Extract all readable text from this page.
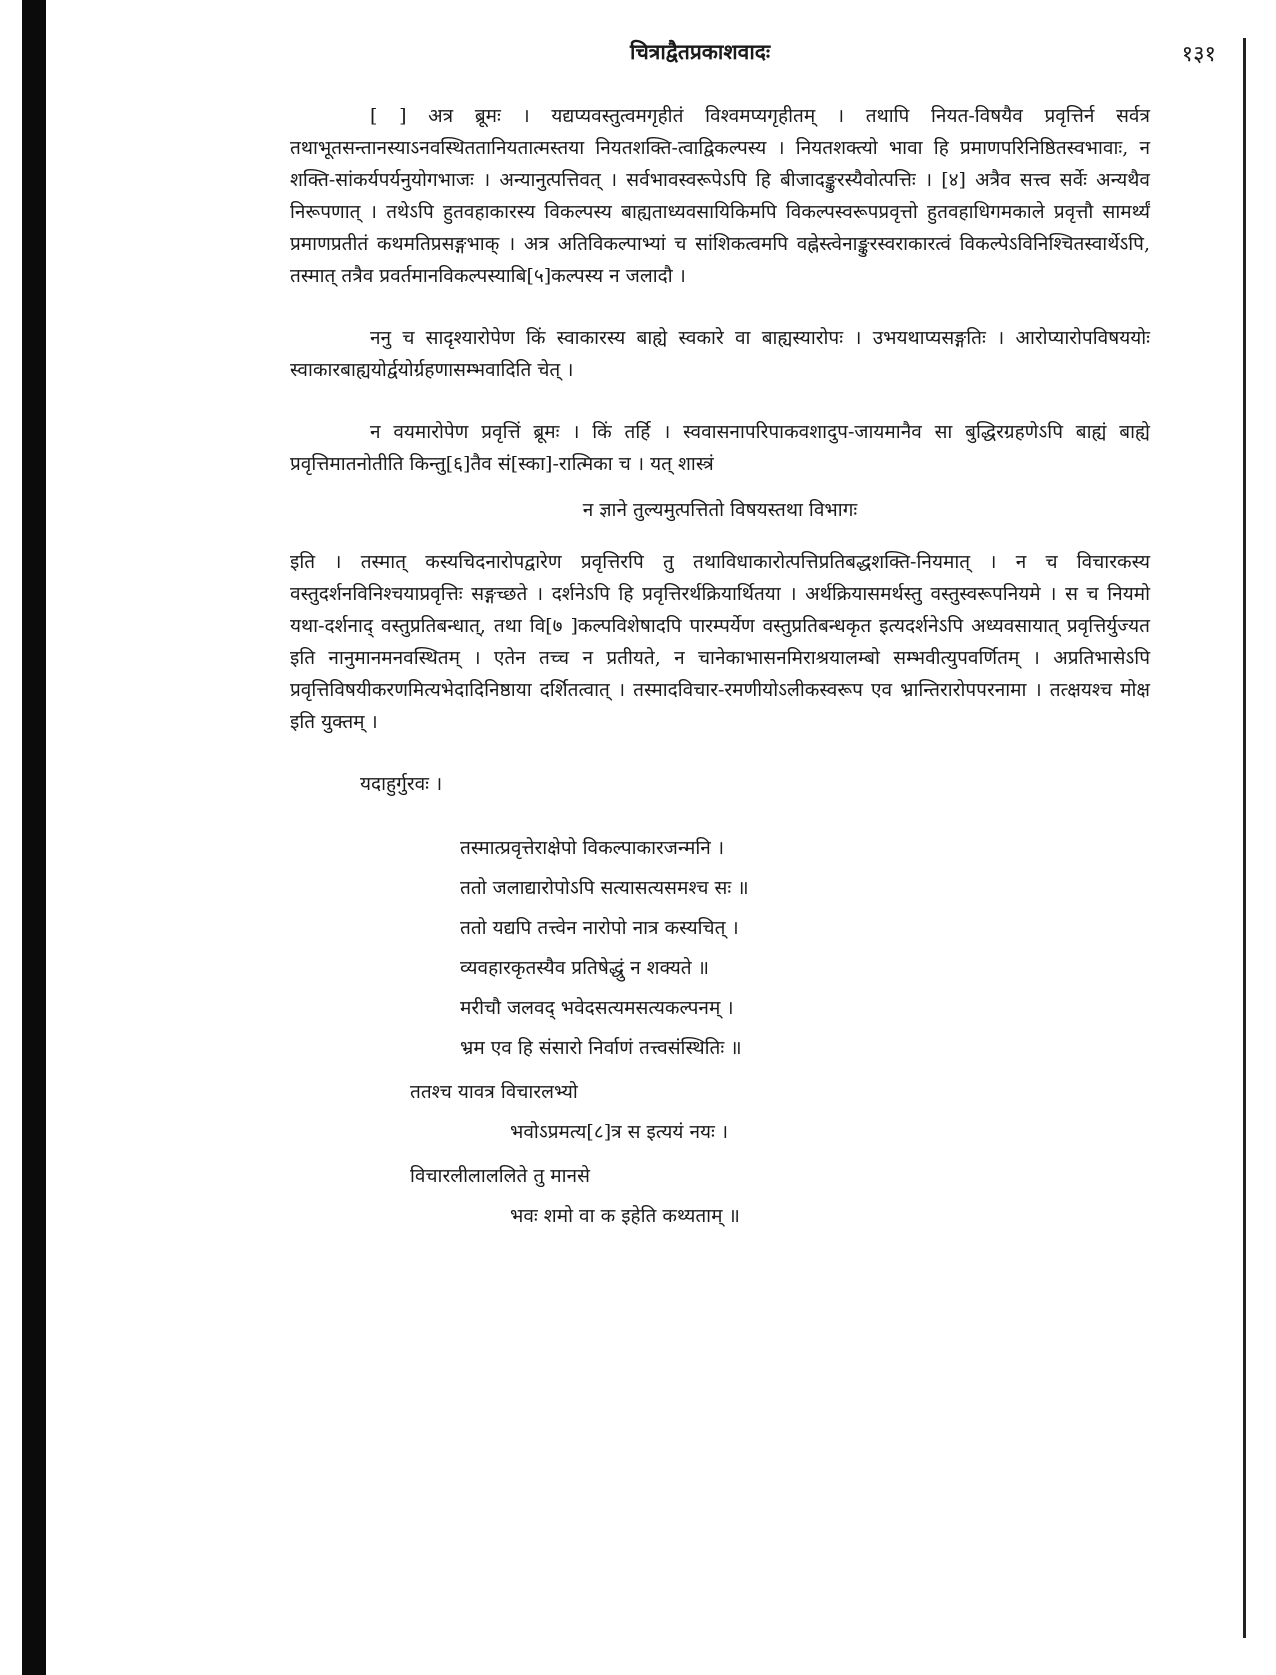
चित्राद्वैतप्रकाशवादः	१३१

[ ] अत्र ब्रूमः । यद्यप्यवस्तुत्वमगृहीतं विश्वमप्यगृहीतम् । तथापि नियत-विषयैव प्रवृत्तिर्न सर्वत्र तथाभूतसन्तानस्याऽनवस्थिततानियतात्मस्तया नियतशक्ति-त्वाद्विकल्पस्य । नियतशक्त्यो भावा हि प्रमाणपरिनिष्ठितस्वभावाः, न शक्ति-सांकर्यपर्यनुयोगभाजः । अन्यानुत्पत्तिवत् । सर्वभावस्वरूपेऽपि हि बीजादङ्कुरस्यैवोत्पत्तिः । [४] अत्रैव सत्त्व सर्वेः अन्यथैव निरूपणात् । तथेऽपि हुतवहाकारस्य विकल्पस्य बाह्यताध्यवसायिकिमपि विकल्पस्वरूपप्रवृत्तो हुतवहाधिगमकाले प्रवृत्तौ सामर्थ्यं प्रमाणप्रतीतं कथमतिप्रसङ्गभाक् । अत्र अतिविकल्पाभ्यां च सांशिकत्वमपि वह्नेस्त्वेनाङ्कुरस्वराकारत्वं विकल्पेऽविनिश्चितस्वार्थेऽपि, तस्मात् तत्रैव प्रवर्तमानविकल्पस्याबि[५]कल्पस्य न जलादौ ।

ननु च सादृश्यारोपेण किं स्वाकारस्य बाह्ये स्वकारे वा बाह्यस्यारोपः । उभयथाप्यसङ्गतिः । आरोप्यारोपविषययोः स्वाकारबाह्ययोर्द्वयोर्ग्रहणासम्भवादिति चेत् ।

न वयमारोपेण प्रवृत्तिं ब्रूमः । किं तर्हि । स्ववासनापरिपाकवशादुप-जायमानैव सा बुद्धिरग्रहणेऽपि बाह्यं बाह्ये प्रवृत्तिमातनोतीति किन्तु[६]तैव सं[स्का]-रात्मिका च । यत् शास्त्रं

न ज्ञाने तुल्यमुत्पत्तितो विषयस्तथा विभागः

इति । तस्मात् कस्यचिदनारोपद्वारेण प्रवृत्तिरपि तु तथाविधाकारोत्पत्तिप्रतिबद्धशक्ति-नियमात् । न च विचारकस्य वस्तुदर्शनविनिश्चयाप्रवृत्तिः सङ्गच्छते । दर्शनेऽपि हि प्रवृत्तिरर्थक्रियार्थितया । अर्थक्रियासमर्थस्तु वस्तुस्वरूपनियमे । स च नियमो यथा-दर्शनाद् वस्तुप्रतिबन्धात्, तथा वि[७ ]कल्पविशेषादपि पारम्पर्येण वस्तुप्रतिबन्धकृत इत्यदर्शनेऽपि अध्यवसायात् प्रवृत्तिर्युज्यत इति नानुमानमनवस्थितम् । एतेन तच्च न प्रतीयते, न चानेकाभासनमिराश्रयालम्बो सम्भवीत्युपवर्णितम् । अप्रतिभासेऽपि प्रवृत्तिविषयीकरणमित्यभेदादिनिष्ठाया दर्शितत्वात् । तस्मादविचार-रमणीयोऽलीकस्वरूप एव भ्रान्तिरारोपपरनामा । तत्क्षयश्च मोक्ष इति युक्तम् ।

यदाहुर्गुरवः ।
तस्मात्प्रवृत्तेराक्षेपो विकल्पाकारजन्मनि ।
ततो जलाद्यारोपोऽपि सत्यासत्यसमश्च सः ॥
ततो यद्यपि तत्त्वेन नारोपो नात्र कस्यचित् ।
व्यवहारकृतस्यैव प्रतिषेद्धुं न शक्यते ॥
मरीचौ जलवद् भवेदसत्यमसत्यकल्पनम् ।
भ्रम एव हि संसारो निर्वाणं तत्त्वसंस्थितिः ॥
ततश्च यावत्र विचारलभ्यो
भवोऽप्रमत्य[८]त्र स इत्ययं नयः ।
विचारलीलाललिते तु मानसे
भवः शमो वा क इहेति कथ्यताम् ॥
